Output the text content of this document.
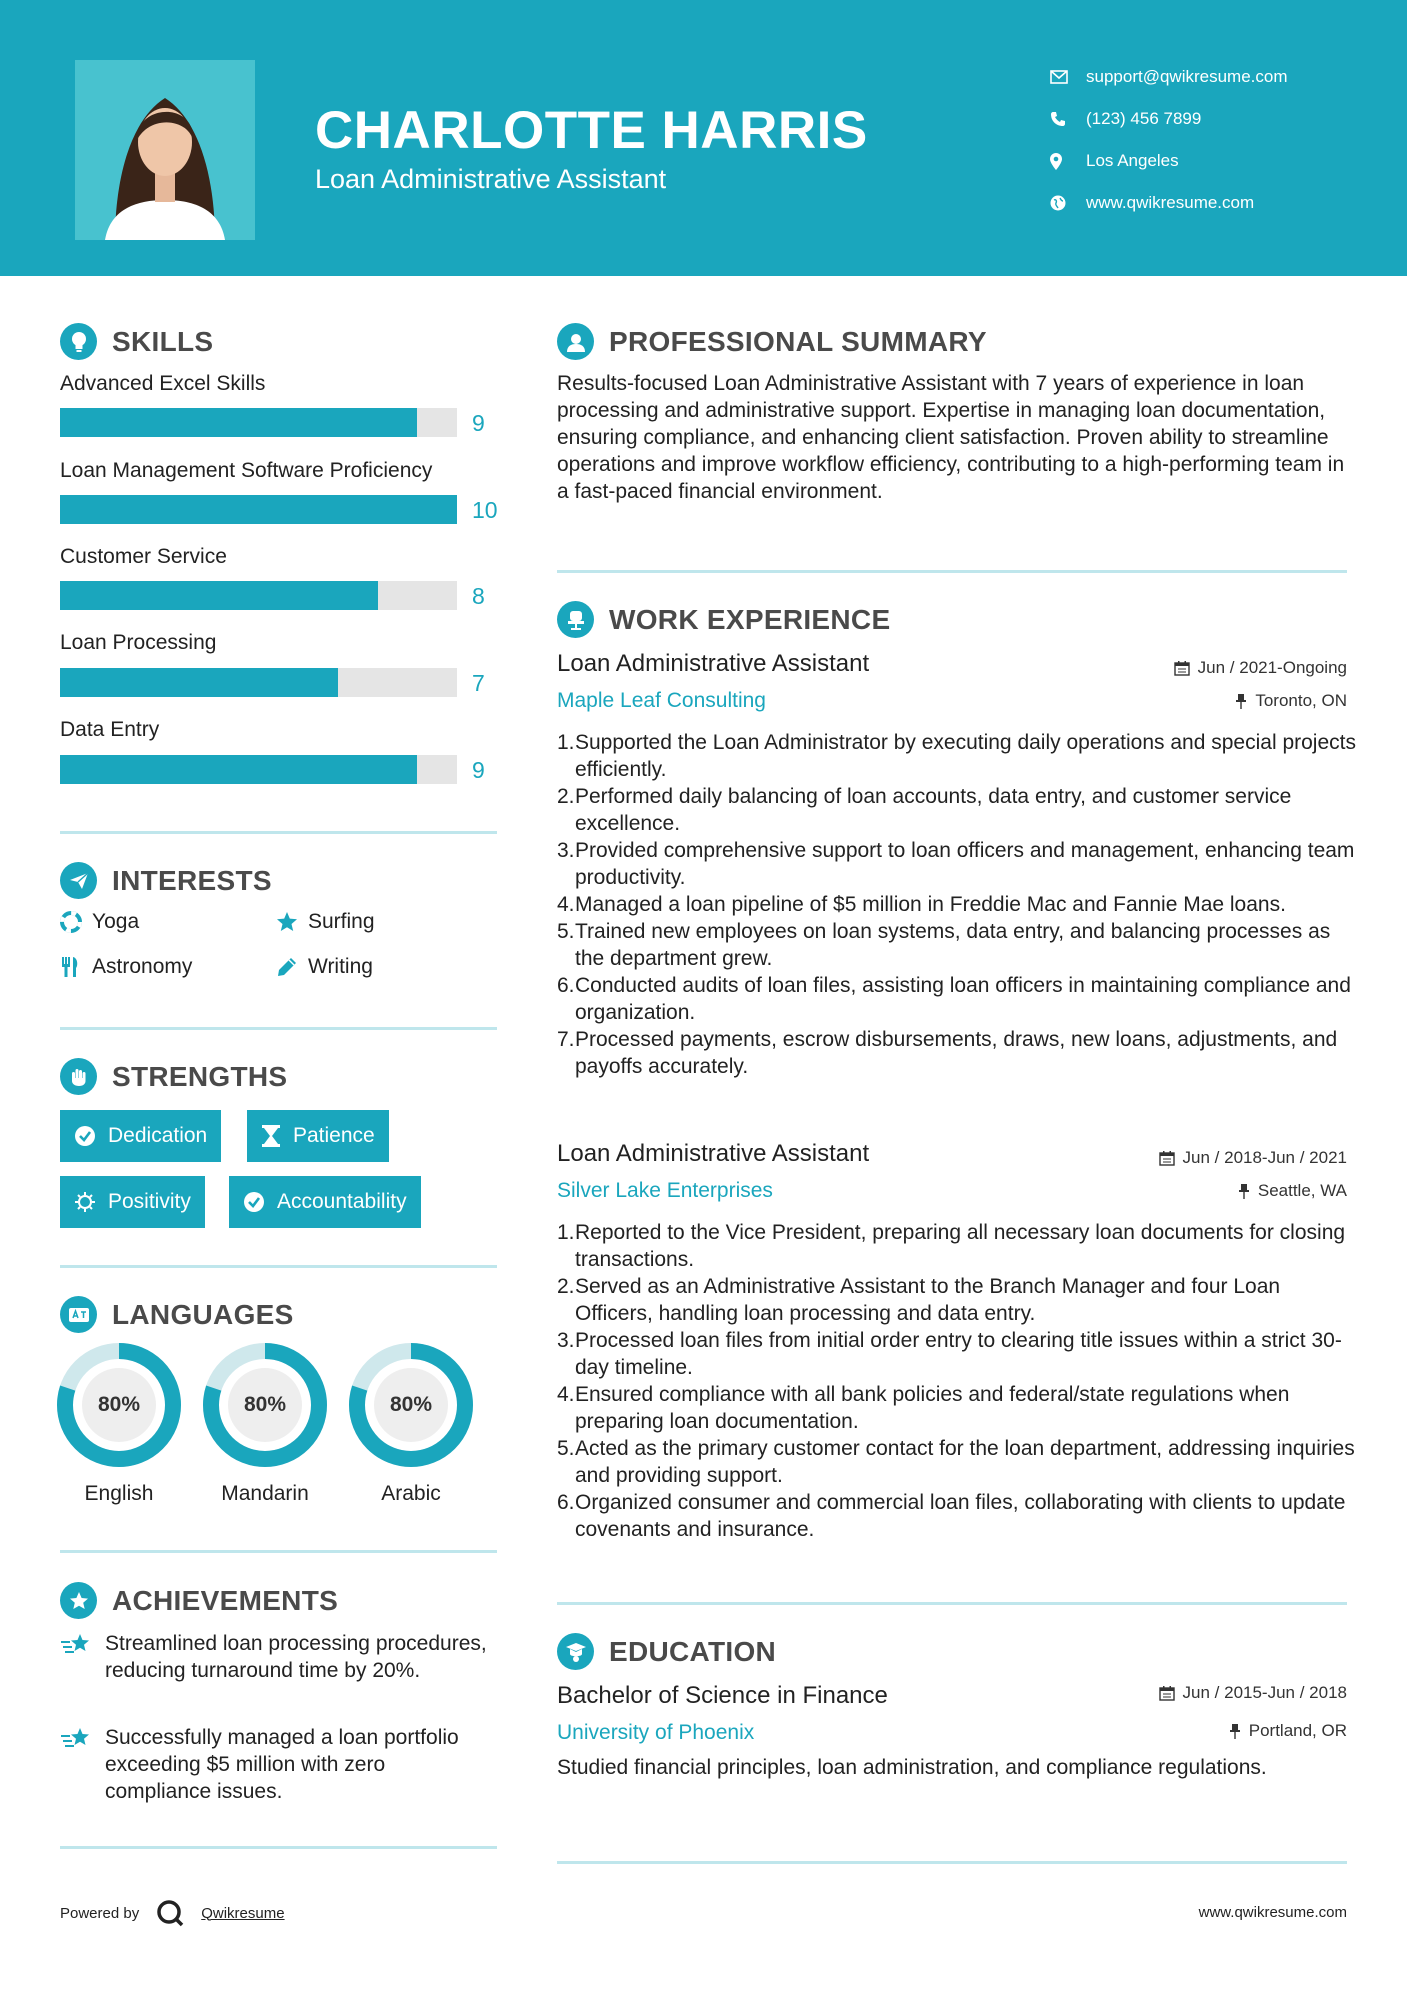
CHARLOTTE HARRIS
Loan Administrative Assistant
support@qwikresume.com
(123) 456 7899
Los Angeles
www.qwikresume.com
SKILLS
Advanced Excel Skills
9
Loan Management Software Proficiency
10
Customer Service
8
Loan Processing
7
Data Entry
9
INTERESTS
Yoga	Surfing
Astronomy	Writing
STRENGTHS
Dedication	Patience
Positivity	Accountability
LANGUAGES
80%
English
80%
Mandarin
80%
Arabic
ACHIEVEMENTS
Streamlined loan processing procedures, reducing turnaround time by 20%.
Successfully managed a loan portfolio exceeding $5 million with zero compliance issues.
PROFESSIONAL SUMMARY
Results-focused Loan Administrative Assistant with 7 years of experience in loan processing and administrative support. Expertise in managing loan documentation, ensuring compliance, and enhancing client satisfaction. Proven ability to streamline operations and improve workflow efficiency, contributing to a high-performing team in a fast-paced financial environment.
WORK EXPERIENCE
Loan Administrative Assistant
Maple Leaf Consulting
Jun / 2021-Ongoing
Toronto, ON
1. Supported the Loan Administrator by executing daily operations and special projects efficiently.
2. Performed daily balancing of loan accounts, data entry, and customer service excellence.
3. Provided comprehensive support to loan officers and management, enhancing team productivity.
4. Managed a loan pipeline of $5 million in Freddie Mac and Fannie Mae loans.
5. Trained new employees on loan systems, data entry, and balancing processes as the department grew.
6. Conducted audits of loan files, assisting loan officers in maintaining compliance and organization.
7. Processed payments, escrow disbursements, draws, new loans, adjustments, and payoffs accurately.
Loan Administrative Assistant
Silver Lake Enterprises
Jun / 2018-Jun / 2021
Seattle, WA
1. Reported to the Vice President, preparing all necessary loan documents for closing transactions.
2. Served as an Administrative Assistant to the Branch Manager and four Loan Officers, handling loan processing and data entry.
3. Processed loan files from initial order entry to clearing title issues within a strict 30-day timeline.
4. Ensured compliance with all bank policies and federal/state regulations when preparing loan documentation.
5. Acted as the primary customer contact for the loan department, addressing inquiries and providing support.
6. Organized consumer and commercial loan files, collaborating with clients to update covenants and insurance.
EDUCATION
Bachelor of Science in Finance
University of Phoenix
Jun / 2015-Jun / 2018
Portland, OR
Studied financial principles, loan administration, and compliance regulations.
Powered by	Qwikresume	www.qwikresume.com
